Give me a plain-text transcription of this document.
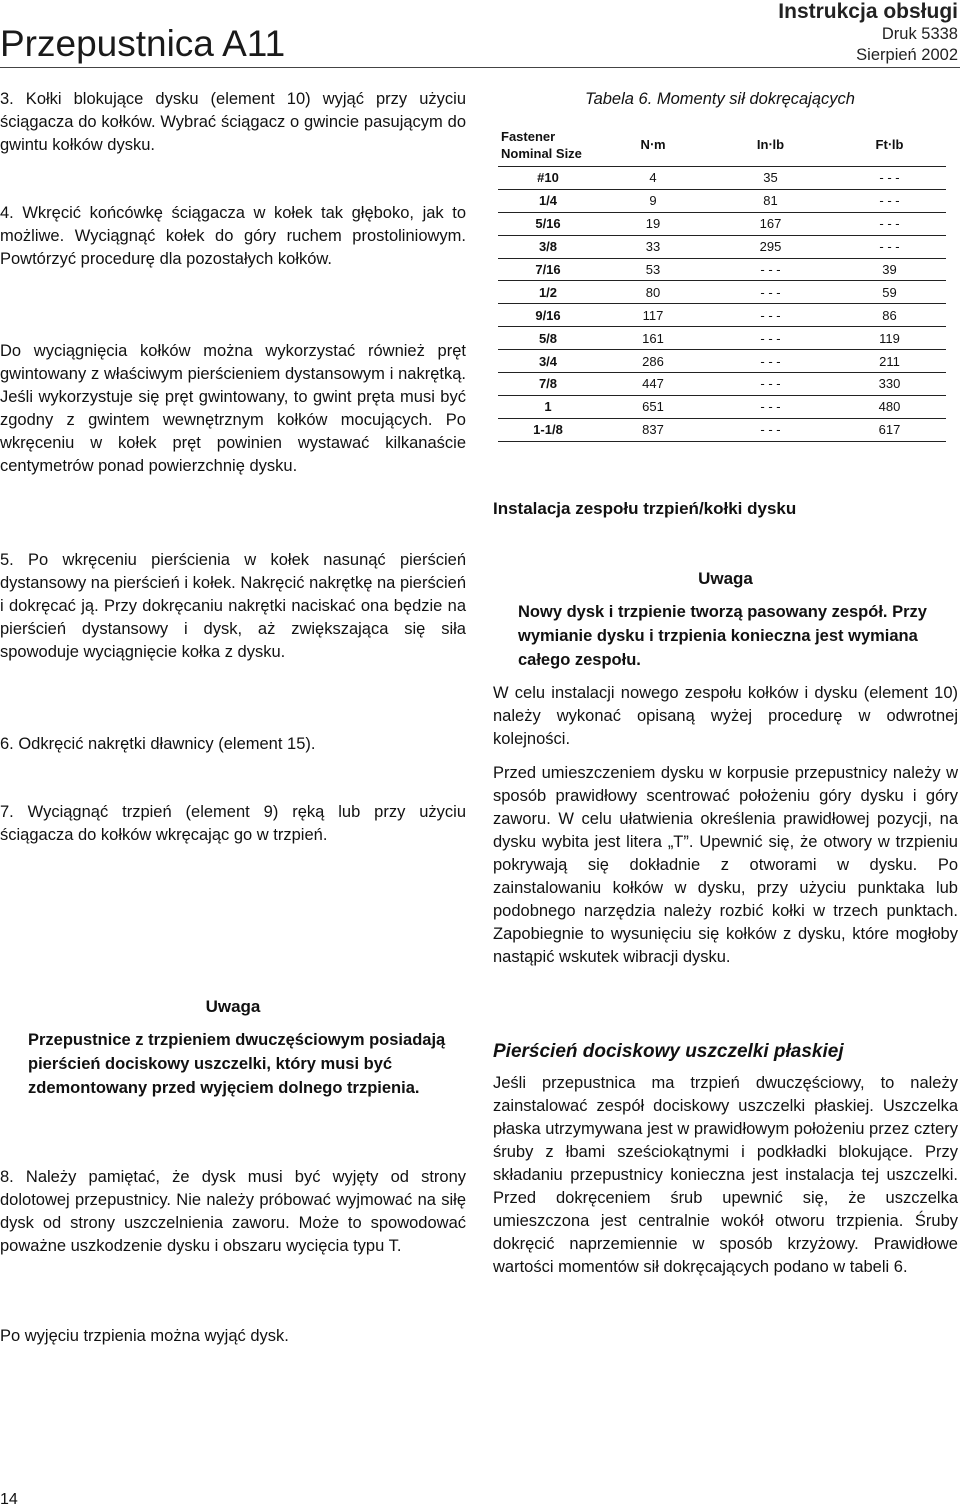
Przepustnica A11
Instrukcja obsługi
Druk 5338
Sierpień 2002

3. Kołki blokujące dysku (element 10) wyjąć przy użyciu ściągacza do kołków. Wybrać ściągacz o gwincie pasującym do gwintu kołków dysku.

4. Wkręcić końcówkę ściągacza w kołek tak głęboko, jak to możliwe. Wyciągnąć kołek do góry ruchem prostoliniowym. Powtórzyć procedurę dla pozostałych kołków.

Do wyciągnięcia kołków można wykorzystać również pręt gwintowany z właściwym pierścieniem dystansowym i nakrętką. Jeśli wykorzystuje się pręt gwintowany, to gwint pręta musi być zgodny z gwintem wewnętrznym kołków mocujących. Po wkręceniu w kołek pręt powinien wystawać kilkanaście centymetrów ponad powierzchnię dysku.

5. Po wkręceniu pierścienia w kołek nasunąć pierścień dystansowy na pierścień i kołek. Nakręcić nakrętkę na pierścień i dokręcać ją. Przy dokręcaniu nakrętki naciskać ona będzie na pierścień dystansowy i dysk, aż zwiększająca się siła spowoduje wyciągnięcie kołka z dysku.

6. Odkręcić nakrętki dławnicy (element 15).

7. Wyciągnąć trzpień (element 9) ręką lub przy użyciu ściągacza do kołków wkręcając go w trzpień.

Uwaga

Przepustnice z trzpieniem dwuczęściowym posiadają pierścień dociskowy uszczelki, który musi być zdemontowany przed wyjęciem dolnego trzpienia.

8. Należy pamiętać, że dysk musi być wyjęty od strony dolotowej przepustnicy. Nie należy próbować wyjmować na siłę dysk od strony uszczelnienia zaworu. Może to spowodować poważne uszkodzenie dysku i obszaru wycięcia typu T.

Po wyjęciu trzpienia można wyjąć dysk.

Tabela 6. Momenty sił dokręcających
Fastener
Nominal Size	N⋅m	In⋅lb	Ft⋅lb
#10	4	35	- - -
1/4	9	81	- - -
5/16	19	167	- - -
3/8	33	295	- - -
7/16	53	- - -	39
1/2	80	- - -	59
9/16	117	- - -	86
5/8	161	- - -	119
3/4	286	- - -	211
7/8	447	- - -	330
1	651	- - -	480
1-1/8	837	- - -	617
Instalacja zespołu trzpień/kołki dysku
Uwaga

Nowy dysk i trzpienie tworzą pasowany zespół. Przy wymianie dysku i trzpienia konieczna jest wymiana całego zespołu.

W celu instalacji nowego zespołu kołków i dysku (element 10) należy wykonać opisaną wyżej procedurę w odwrotnej kolejności.

Przed umieszczeniem dysku w korpusie przepustnicy należy w sposób prawidłowy scentrować położeniu góry dysku i góry zaworu. W celu ułatwienia określenia prawidłowej pozycji, na dysku wybita jest litera „T”. Upewnić się, że otwory w trzpieniu pokrywają się dokładnie z otworami w dysku. Po zainstalowaniu kołków w dysku, przy użyciu punktaka lub podobnego narzędzia należy rozbić kołki w trzech punktach. Zapobiegnie to wysunięciu się kołków z dysku, które mogłoby nastąpić wskutek wibracji dysku.

Pierścień dociskowy uszczelki płaskiej

Jeśli przepustnica ma trzpień dwuczęściowy, to należy zainstalować zespół dociskowy uszczelki płaskiej. Uszczelka płaska utrzymywana jest w prawidłowym położeniu przez cztery śruby z łbami sześciokątnymi i podkładki blokujące. Przy składaniu przepustnicy konieczna jest instalacja tej uszczelki. Przed dokręceniem śrub upewnić się, że uszczelka umieszczona jest centralnie wokół otworu trzpienia. Śruby dokręcić naprzemiennie w sposób krzyżowy. Prawidłowe wartości momentów sił dokręcających podano w tabeli 6.

14
